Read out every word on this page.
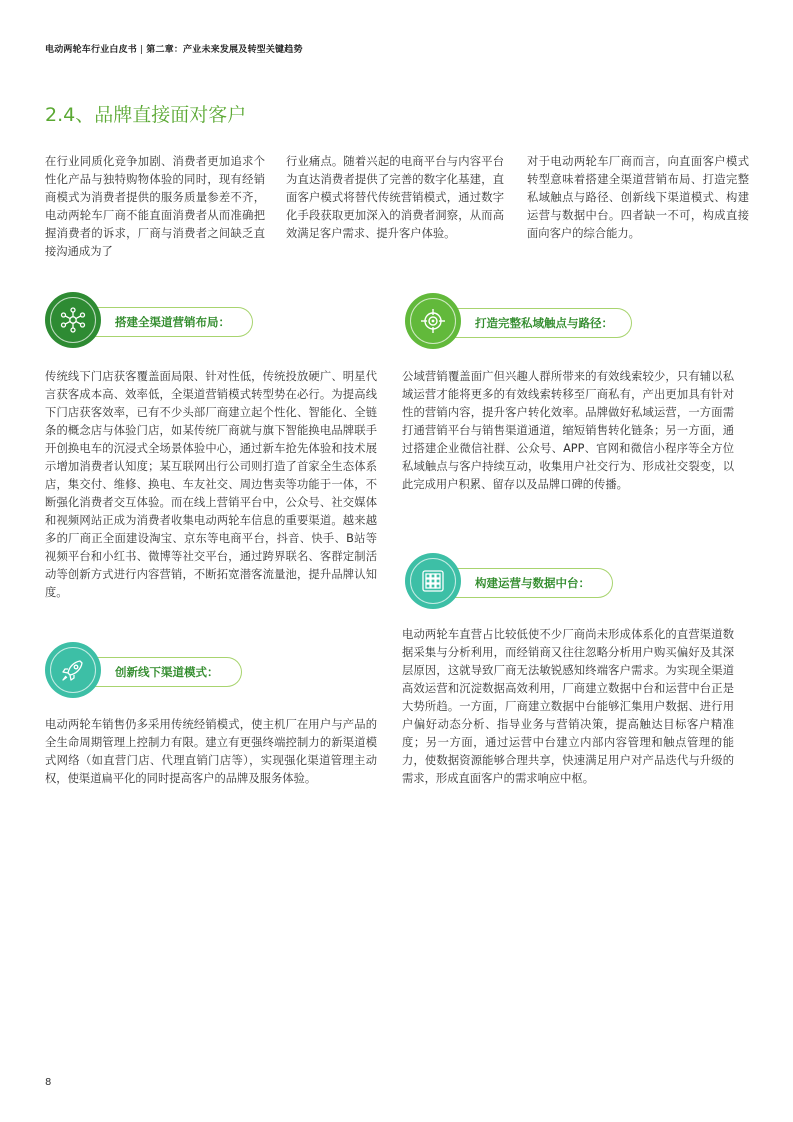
电动两轮车行业白皮书 | 第二章：产业未来发展及转型关键趋势
2.4、品牌直接面对客户

在行业同质化竞争加剧、消费者更加追求个性化产品与独特购物体验的同时，现有经销商模式为消费者提供的服务质量参差不齐，电动两轮车厂商不能直面消费者从而准确把握消费者的诉求，厂商与消费者之间缺乏直接沟通成为了

行业痛点。随着兴起的电商平台与内容平台为直达消费者提供了完善的数字化基建，直面客户模式将替代传统营销模式，通过数字化手段获取更加深入的消费者洞察，从而高效满足客户需求、提升客户体验。

对于电动两轮车厂商而言，向直面客户模式转型意味着搭建全渠道营销布局、打造完整私域触点与路径、创新线下渠道模式、构建运营与数据中台。四者缺一不可，构成直接面向客户的综合能力。

搭建全渠道营销布局：

传统线下门店获客覆盖面局限、针对性低，传统投放硬广、明星代言获客成本高、效率低，全渠道营销模式转型势在必行。为提高线下门店获客效率，已有不少头部厂商建立起个性化、智能化、全链条的概念店与体验门店，如某传统厂商就与旗下智能换电品牌联手开创换电车的沉浸式全场景体验中心，通过新车抢先体验和技术展示增加消费者认知度；某互联网出行公司则打造了首家全生态体系店，集交付、维修、换电、车友社交、周边售卖等功能于一体，不断强化消费者交互体验。而在线上营销平台中，公众号、社交媒体和视频网站正成为消费者收集电动两轮车信息的重要渠道。越来越多的厂商正全面建设淘宝、京东等电商平台，抖音、快手、B站等视频平台和小红书、微博等社交平台，通过跨界联名、客群定制活动等创新方式进行内容营销，不断拓宽潜客流量池，提升品牌认知度。

打造完整私域触点与路径：

公域营销覆盖面广但兴趣人群所带来的有效线索较少，只有辅以私域运营才能将更多的有效线索转移至厂商私有，产出更加具有针对性的营销内容，提升客户转化效率。品牌做好私域运营，一方面需打通营销平台与销售渠道通道，缩短销售转化链条；另一方面，通过搭建企业微信社群、公众号、APP、官网和微信小程序等全方位私域触点与客户持续互动，收集用户社交行为、形成社交裂变，以此完成用户积累、留存以及品牌口碑的传播。

创新线下渠道模式：

电动两轮车销售仍多采用传统经销模式，使主机厂在用户与产品的全生命周期管理上控制力有限。建立有更强终端控制力的新渠道模式网络（如直营门店、代理直销门店等），实现强化渠道管理主动权，使渠道扁平化的同时提高客户的品牌及服务体验。

构建运营与数据中台：

电动两轮车直营占比较低使不少厂商尚未形成体系化的直营渠道数据采集与分析利用，而经销商又往往忽略分析用户购买偏好及其深层原因，这就导致厂商无法敏锐感知终端客户需求。为实现全渠道高效运营和沉淀数据高效利用，厂商建立数据中台和运营中台正是大势所趋。一方面，厂商建立数据中台能够汇集用户数据、进行用户偏好动态分析、指导业务与营销决策，提高触达目标客户精准度；另一方面，通过运营中台建立内部内容管理和触点管理的能力，使数据资源能够合理共享，快速满足用户对产品迭代与升级的需求，形成直面客户的需求响应中枢。

8
